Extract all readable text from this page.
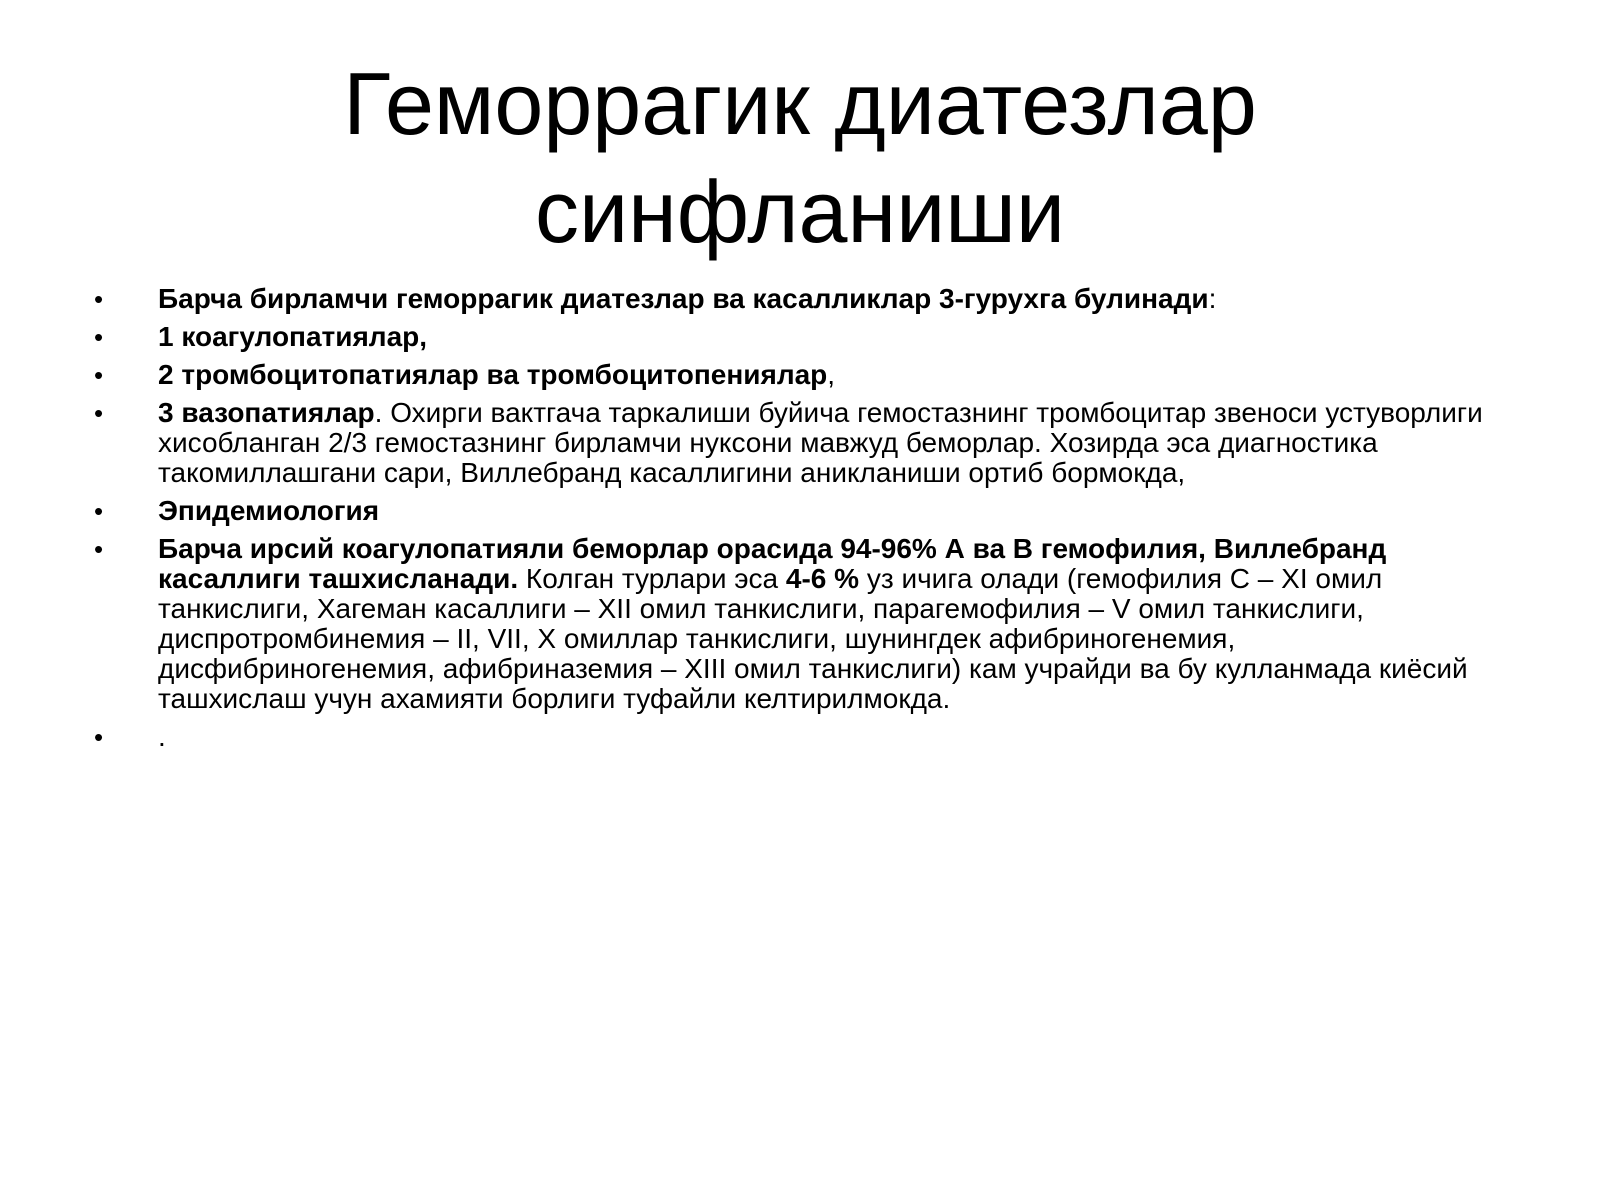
Геморрагик диатезлар
синфланиши
•	Барча бирламчи геморрагик диатезлар ва касалликлар 3-гурухга булинади:
•	1 коагулопатиялар,
•	2 тромбоцитопатиялар ва тромбоцитопениялар,
•	3 вазопатиялар. Охирги вактгача таркалиши буйича гемостазнинг тромбоцитар звеноси устуворлиги хисобланган 2/3 гемостазнинг бирламчи нуксони мавжуд беморлар. Хозирда эса диагностика такомиллашгани сари, Виллебранд касаллигини аникланиши ортиб бормокда,
•	Эпидемиология
•	Барча ирсий коагулопатияли беморлар орасида 94-96% А ва В гемофилия, Виллебранд касаллиги ташхисланади. Колган турлари эса 4-6 % уз ичига олади (гемофилия С – XI омил танкислиги, Хагеман касаллиги – XII омил танкислиги, парагемофилия – V омил танкислиги, диспротромбинемия – II, VII, X омиллар танкислиги, шунингдек афибриногенемия, дисфибриногенемия, афибриназемия – XIII омил танкислиги) кам учрайди ва бу кулланмада киёсий ташхислаш учун ахамияти борлиги туфайли келтирилмокда.
•	.
